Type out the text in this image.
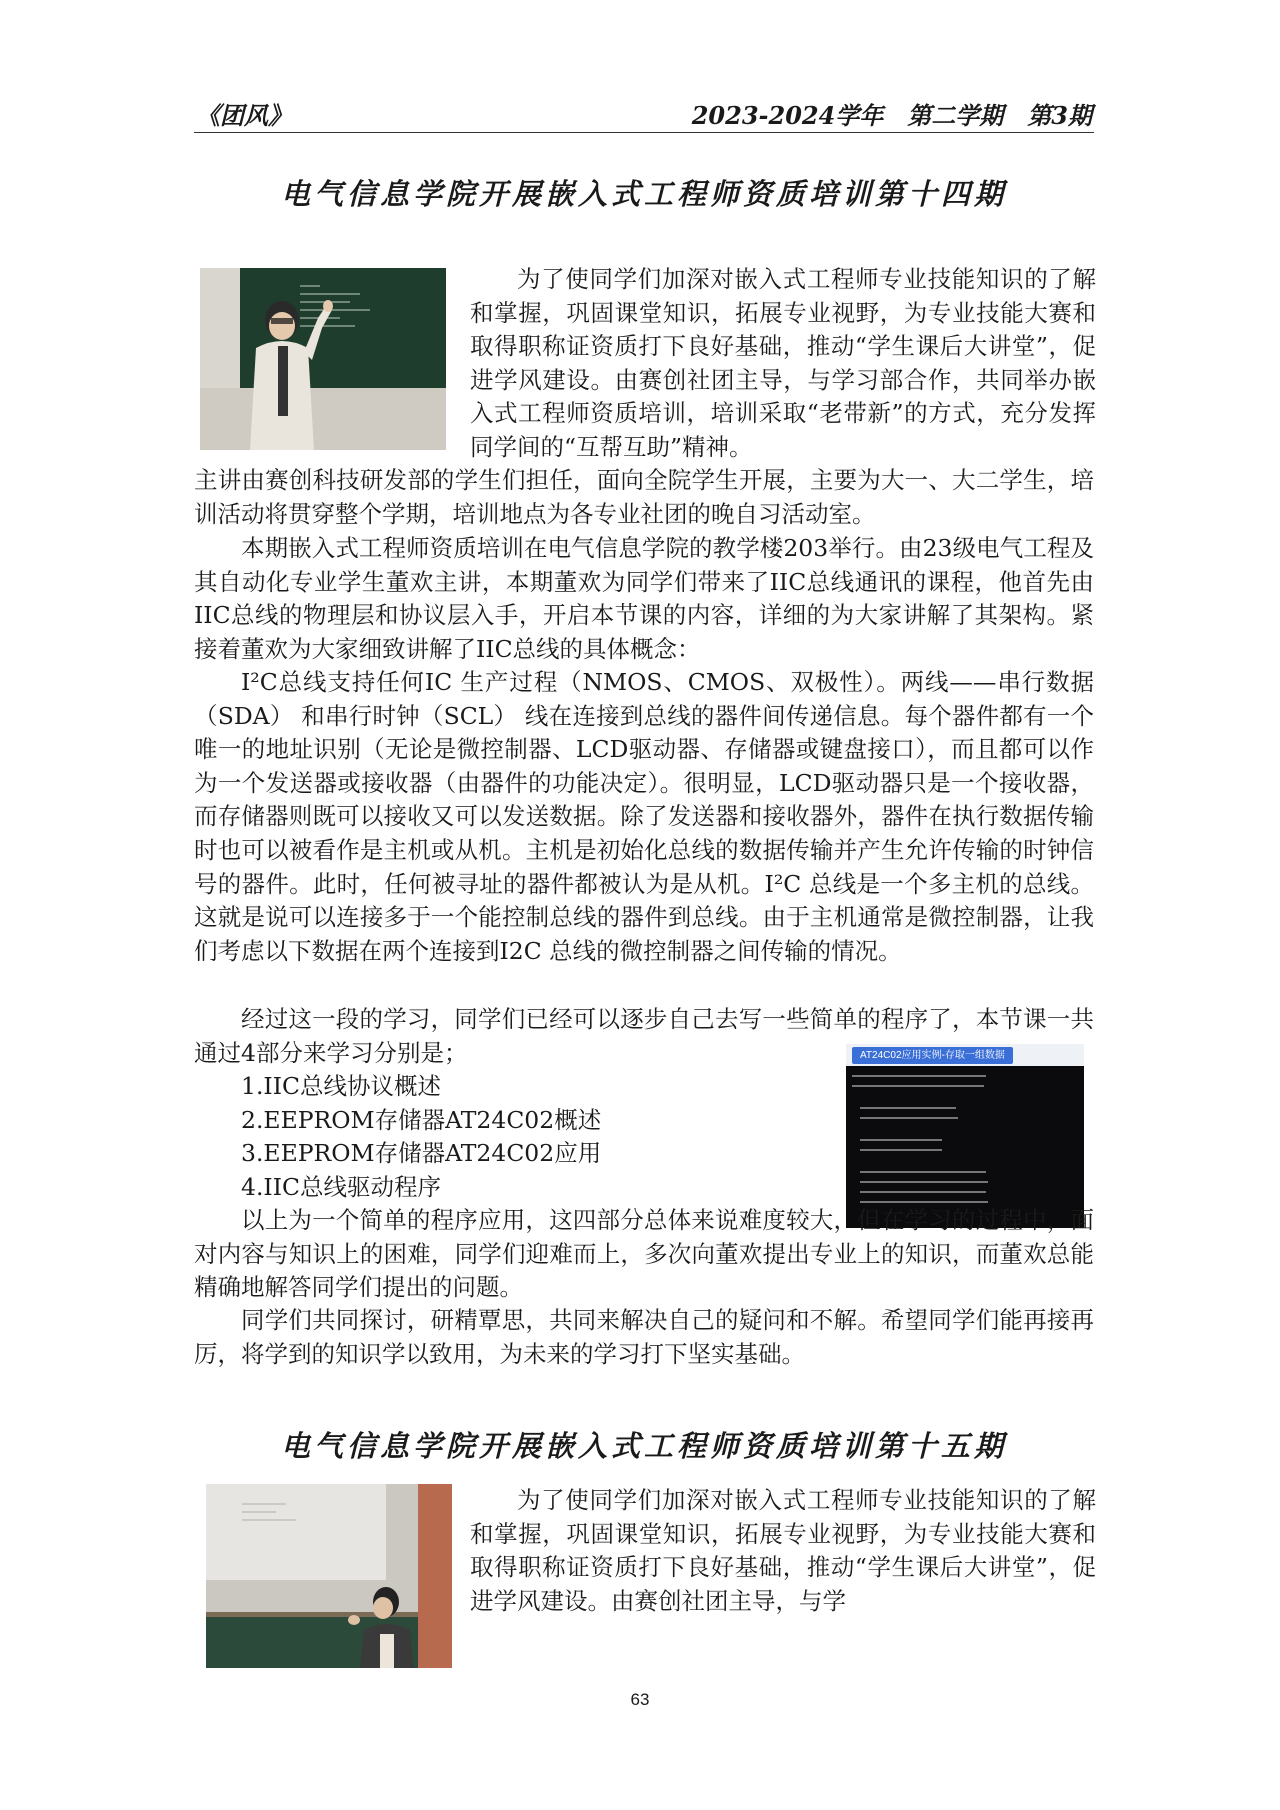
《团风》	2023-2024学年　第二学期　第3期
电气信息学院开展嵌入式工程师资质培训第十四期

为了使同学们加深对嵌入式工程师专业技能知识的了解和掌握，巩固课堂知识，拓展专业视野，为专业技能大赛和取得职称证资质打下良好基础，推动“学生课后大讲堂”，促进学风建设。由赛创社团主导，与学习部合作，共同举办嵌入式工程师资质培训，培训采取“老带新”的方式，充分发挥同学间的“互帮互助”精神。

主讲由赛创科技研发部的学生们担任，面向全院学生开展，主要为大一、大二学生，培训活动将贯穿整个学期，培训地点为各专业社团的晚自习活动室。

本期嵌入式工程师资质培训在电气信息学院的教学楼203举行。由23级电气工程及其自动化专业学生董欢主讲，本期董欢为同学们带来了IIC总线通讯的课程，他首先由IIC总线的物理层和协议层入手，开启本节课的内容，详细的为大家讲解了其架构。紧接着董欢为大家细致讲解了IIC总线的具体概念：

I²C总线支持任何IC 生产过程（NMOS、CMOS、双极性）。两线——串行数据（SDA） 和串行时钟（SCL） 线在连接到总线的器件间传递信息。每个器件都有一个唯一的地址识别（无论是微控制器、LCD驱动器、存储器或键盘接口），而且都可以作为一个发送器或接收器（由器件的功能决定）。很明显，LCD驱动器只是一个接收器，而存储器则既可以接收又可以发送数据。除了发送器和接收器外，器件在执行数据传输时也可以被看作是主机或从机。主机是初始化总线的数据传输并产生允许传输的时钟信号的器件。此时，任何被寻址的器件都被认为是从机。I²C 总线是一个多主机的总线。这就是说可以连接多于一个能控制总线的器件到总线。由于主机通常是微控制器，让我们考虑以下数据在两个连接到I2C 总线的微控制器之间传输的情况。

经过这一段的学习，同学们已经可以逐步自己去写一些简单的程序了，本节课一共通过4部分来学习分别是；	AT24C02应用实例-存取一组数据
1.IIC总线协议概述
2.EEPROM存储器AT24C02概述
3.EEPROM存储器AT24C02应用
4.IIC总线驱动程序

以上为一个简单的程序应用，这四部分总体来说难度较大，但在学习的过程中，面对内容与知识上的困难，同学们迎难而上，多次向董欢提出专业上的知识，而董欢总能精确地解答同学们提出的问题。

同学们共同探讨，研精覃思，共同来解决自己的疑问和不解。希望同学们能再接再厉，将学到的知识学以致用，为未来的学习打下坚实基础。

电气信息学院开展嵌入式工程师资质培训第十五期

为了使同学们加深对嵌入式工程师专业技能知识的了解和掌握，巩固课堂知识，拓展专业视野，为专业技能大赛和取得职称证资质打下良好基础，推动“学生课后大讲堂”，促进学风建设。由赛创社团主导，与学

63
